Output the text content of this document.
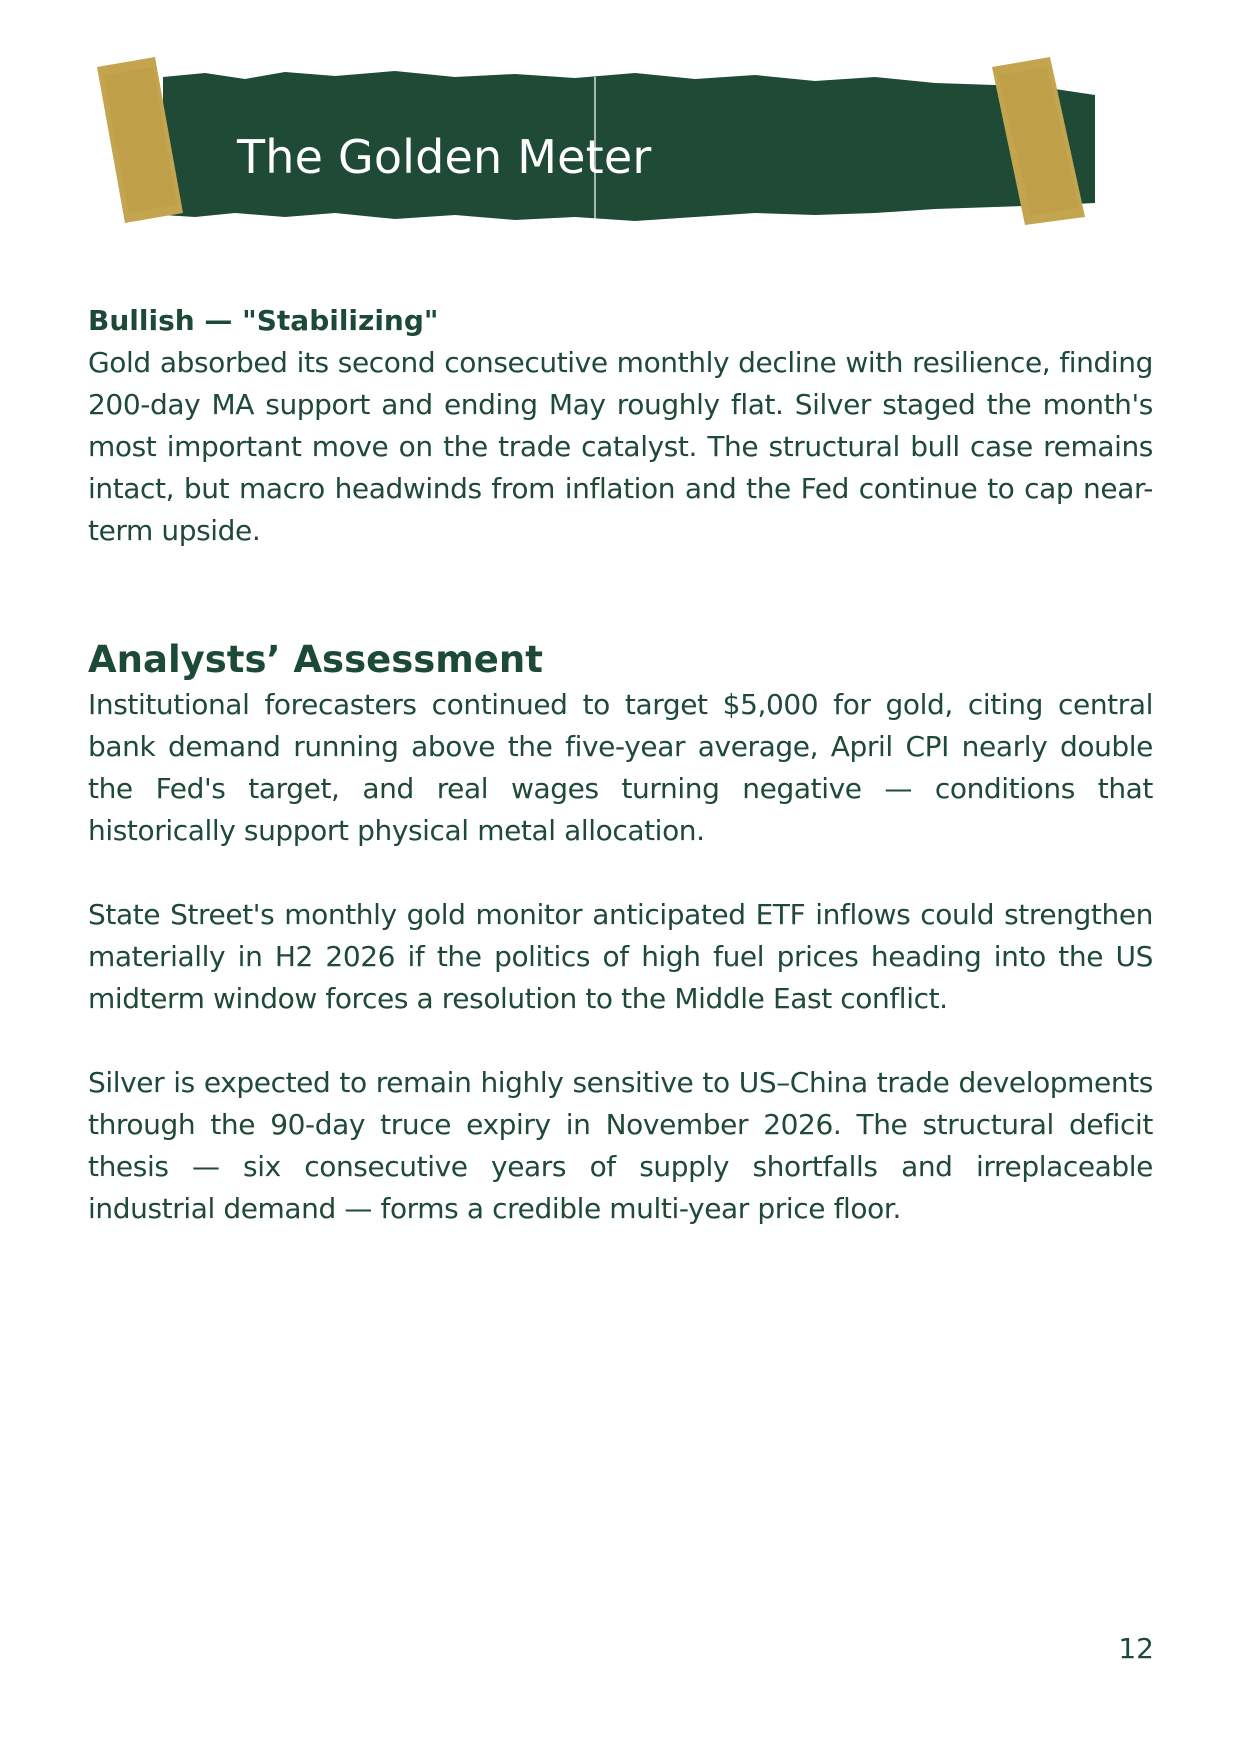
The Golden Meter

Bullish — "Stabilizing"

Gold absorbed its second consecutive monthly decline with resilience, finding 200-day MA support and ending May roughly flat. Silver staged the month's most important move on the trade catalyst. The structural bull case remains intact, but macro headwinds from inflation and the Fed continue to cap near-term upside.

Analysts’ Assessment

Institutional forecasters continued to target $5,000 for gold, citing central bank demand running above the five-year average, April CPI nearly double the Fed's target, and real wages turning negative — conditions that historically support physical metal allocation.

State Street's monthly gold monitor anticipated ETF inflows could strengthen materially in H2 2026 if the politics of high fuel prices heading into the US midterm window forces a resolution to the Middle East conflict.

Silver is expected to remain highly sensitive to US–China trade developments through the 90-day truce expiry in November 2026. The structural deficit thesis — six consecutive years of supply shortfalls and irreplaceable industrial demand — forms a credible multi-year price floor.

12
